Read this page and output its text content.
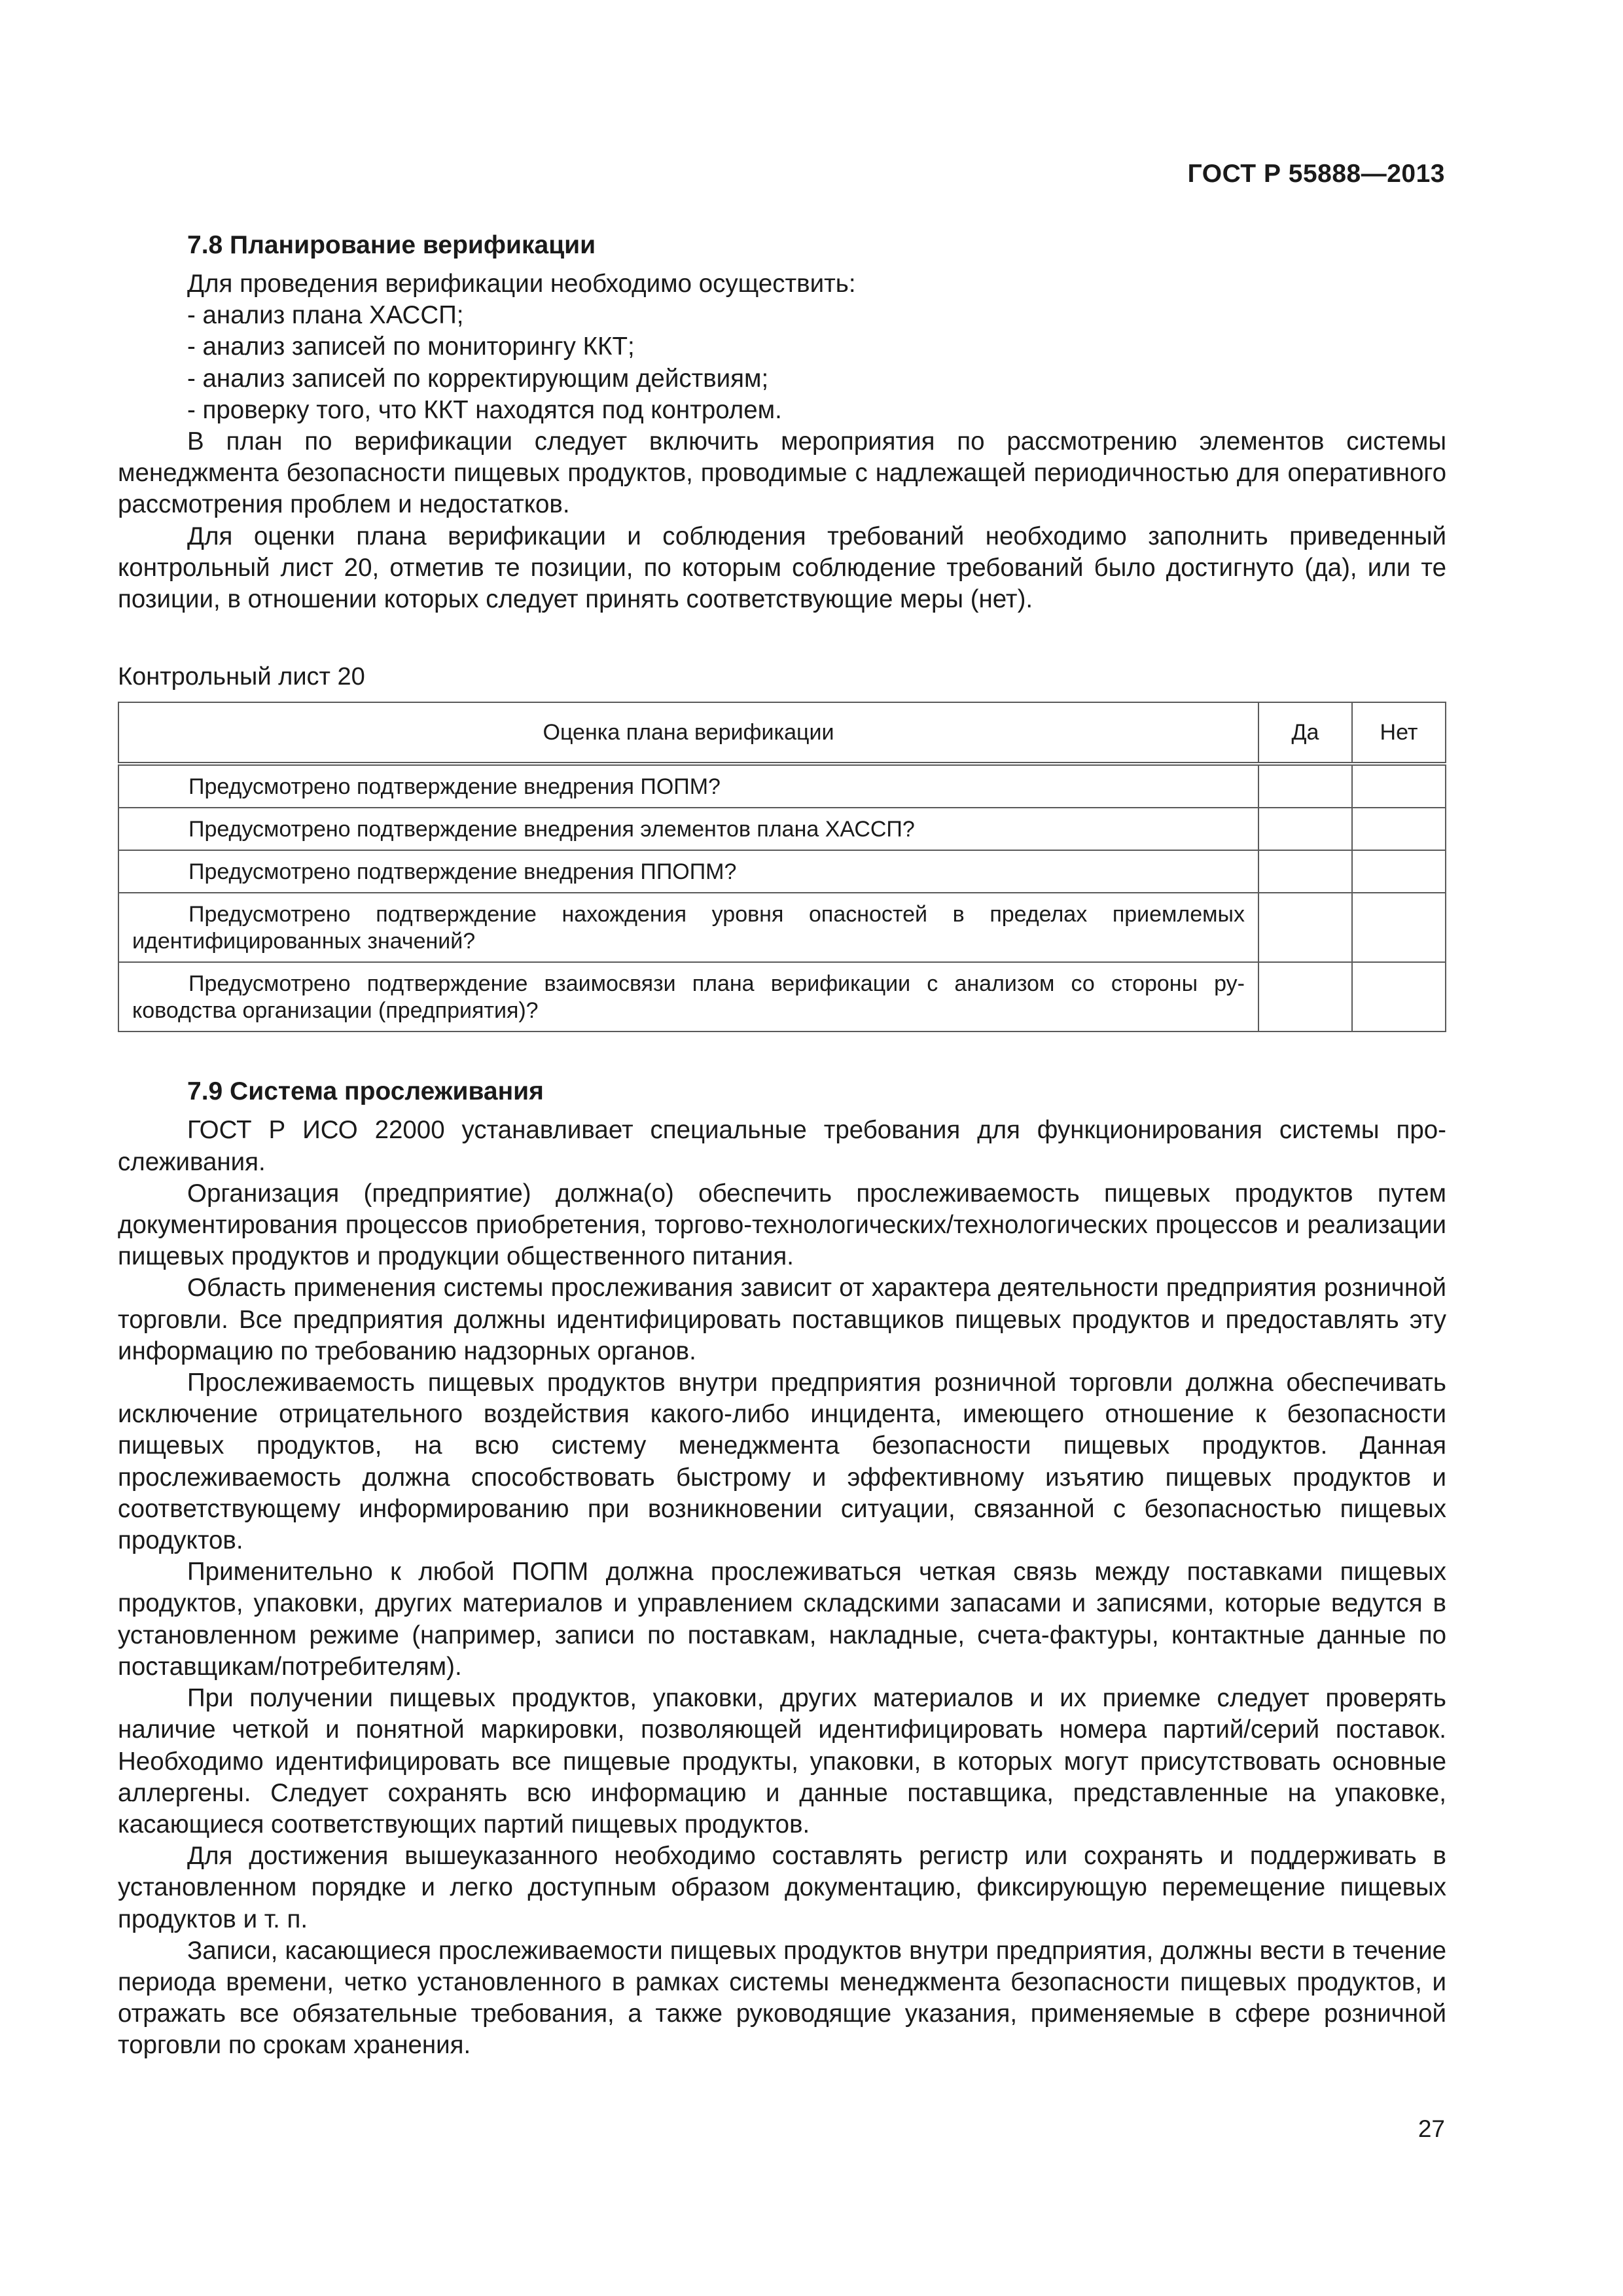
ГОСТ Р 55888—2013
7.8 Планирование верификации

Для проведения верификации необходимо осуществить:

- анализ плана ХАССП;

- анализ записей по мониторингу ККТ;

- анализ записей по корректирующим действиям;

- проверку того, что ККТ находятся под контролем.

В план по верификации следует включить мероприятия по рассмотрению элементов системы менеджмента безопасности пищевых продуктов, проводимые с надлежащей периодичностью для оперативного рассмотрения проблем и недостатков.

Для оценки плана верификации и соблюдения требований необходимо заполнить приведенный контрольный лист 20, отметив те позиции, по которым соблюдение требований было достигнуто (да), или те позиции, в отношении которых следует принять соответствующие меры (нет).

Контрольный лист 20
Оценка плана верификации	Да	Нет
Предусмотрено подтверждение внедрения ПОПМ?		
Предусмотрено подтверждение внедрения элементов плана ХАССП?		
Предусмотрено подтверждение внедрения ППОПМ?		
Предусмотрено подтверждение нахождения уровня опасностей в пределах приемлемых идентифицированных значений?		
Предусмотрено подтверждение взаимосвязи плана верификации с анализом со стороны руководства организации (предприятия)?		
7.9 Система прослеживания

ГОСТ Р ИСО 22000 устанавливает специальные требования для функционирования системы прослеживания.

Организация (предприятие) должна(о) обеспечить прослеживаемость пищевых продуктов путем документирования процессов приобретения, торгово-технологических/технологических процессов и реализации пищевых продуктов и продукции общественного питания.

Область применения системы прослеживания зависит от характера деятельности предприятия розничной торговли. Все предприятия должны идентифицировать поставщиков пищевых продуктов и предоставлять эту информацию по требованию надзорных органов.

Прослеживаемость пищевых продуктов внутри предприятия розничной торговли должна обеспечивать исключение отрицательного воздействия какого-либо инцидента, имеющего отношение к безопасности пищевых продуктов, на всю систему менеджмента безопасности пищевых продуктов. Данная прослеживаемость должна способствовать быстрому и эффективному изъятию пищевых продуктов и соответствующему информированию при возникновении ситуации, связанной с безопасностью пищевых продуктов.

Применительно к любой ПОПМ должна прослеживаться четкая связь между поставками пищевых продуктов, упаковки, других материалов и управлением складскими запасами и записями, которые ведутся в установленном режиме (например, записи по поставкам, накладные, счета-фактуры, контактные данные по поставщикам/потребителям).

При получении пищевых продуктов, упаковки, других материалов и их приемке следует проверять наличие четкой и понятной маркировки, позволяющей идентифицировать номера партий/серий поставок. Необходимо идентифицировать все пищевые продукты, упаковки, в которых могут присутствовать основные аллергены. Следует сохранять всю информацию и данные поставщика, представленные на упаковке, касающиеся соответствующих партий пищевых продуктов.

Для достижения вышеуказанного необходимо составлять регистр или сохранять и поддерживать в установленном порядке и легко доступным образом документацию, фиксирующую перемещение пищевых продуктов и т. п.

Записи, касающиеся прослеживаемости пищевых продуктов внутри предприятия, должны вести в течение периода времени, четко установленного в рамках системы менеджмента безопасности пищевых продуктов, и отражать все обязательные требования, а также руководящие указания, применяемые в сфере розничной торговли по срокам хранения.

27
